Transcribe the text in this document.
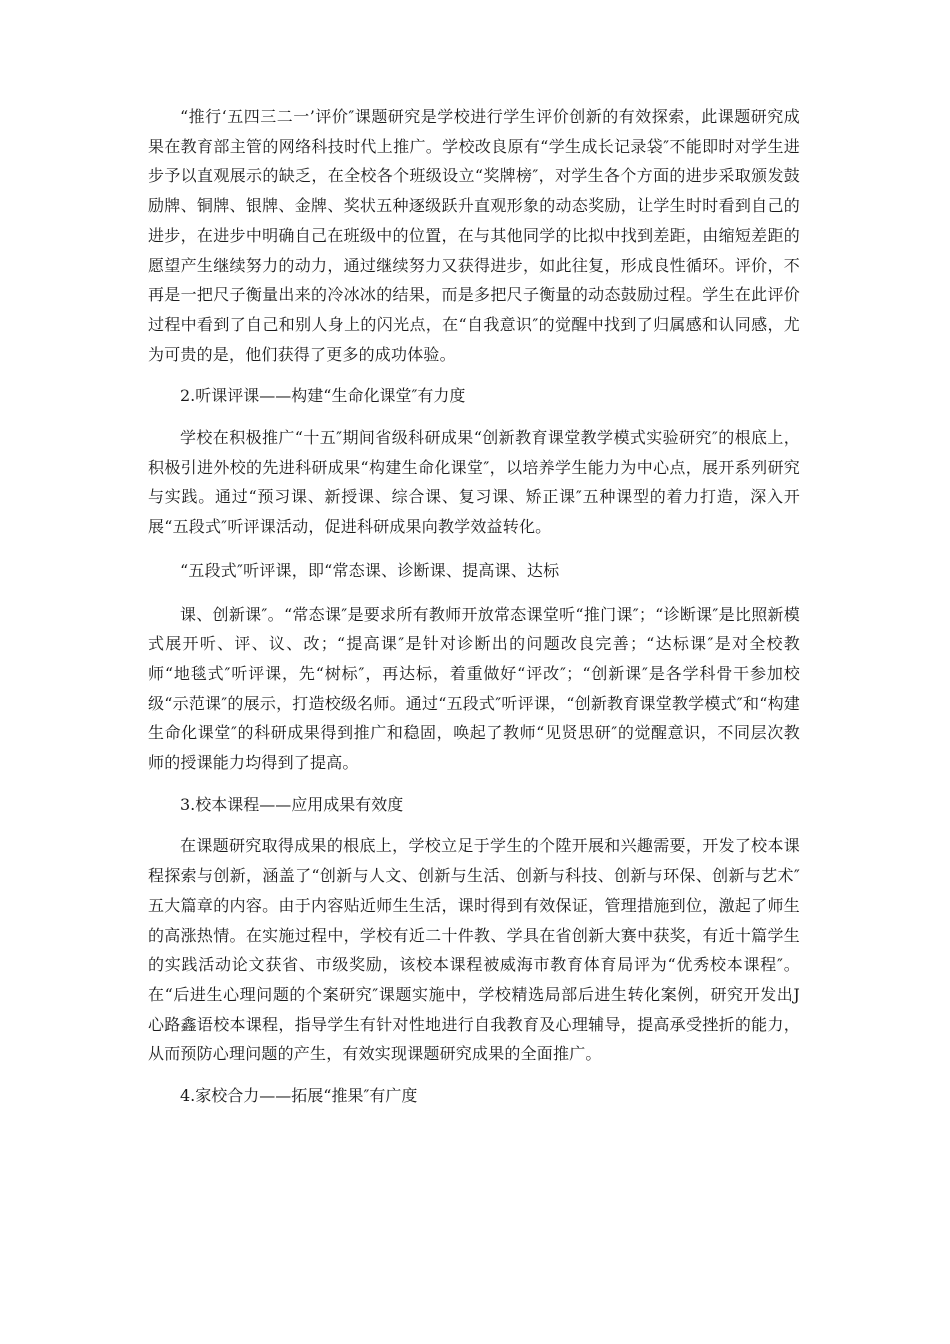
“推行‘五四三二一’评价″课题研究是学校进行学生评价创新的有效探索，此课题研究成果在教育部主管的网络科技时代上推广。学校改良原有“学生成长记录袋″不能即时对学生进步予以直观展示的缺乏，在全校各个班级设立“奖牌榜″，对学生各个方面的进步采取颁发鼓励牌、铜牌、银牌、金牌、奖状五种逐级跃升直观形象的动态奖励，让学生时时看到自己的进步，在进步中明确自己在班级中的位置，在与其他同学的比拟中找到差距，由缩短差距的愿望产生继续努力的动力，通过继续努力又获得进步，如此往复，形成良性循环。评价，不再是一把尺子衡量出来的冷冰冰的结果，而是多把尺子衡量的动态鼓励过程。学生在此评价过程中看到了自己和别人身上的闪光点，在“自我意识″的觉醒中找到了归属感和认同感，尤为可贵的是，他们获得了更多的成功体验。

2.听课评课——构建“生命化课堂″有力度

学校在积极推广“十五″期间省级科研成果“创新教育课堂教学模式实验研究″的根底上，积极引进外校的先进科研成果“构建生命化课堂″，以培养学生能力为中心点，展开系列研究与实践。通过“预习课、新授课、综合课、复习课、矫正课″五种课型的着力打造，深入开展“五段式″听评课活动，促进科研成果向教学效益转化。

“五段式″听评课，即“常态课、诊断课、提高课、达标

课、创新课″。“常态课″是要求所有教师开放常态课堂听“推门课″；“诊断课″是比照新模式展开听、评、议、改；“提高课″是针对诊断出的问题改良完善；“达标课″是对全校教师“地毯式″听评课，先“树标″，再达标，着重做好“评改″；“创新课″是各学科骨干参加校级“示范课″的展示，打造校级名师。通过“五段式″听评课，“创新教育课堂教学模式″和“构建生命化课堂″的科研成果得到推广和稳固，唤起了教师“见贤思研″的觉醒意识，不同层次教师的授课能力均得到了提高。

3.校本课程——应用成果有效度

在课题研究取得成果的根底上，学校立足于学生的个陞开展和兴趣需要，开发了校本课程探索与创新，涵盖了“创新与人文、创新与生活、创新与科技、创新与环保、创新与艺术″五大篇章的内容。由于内容贴近师生生活，课时得到有效保证，管理措施到位，激起了师生的高涨热情。在实施过程中，学校有近二十件教、学具在省创新大赛中获奖，有近十篇学生的实践活动论文获省、市级奖励，该校本课程被威海市教育体育局评为“优秀校本课程″。在“后进生心理问题的个案研究″课题实施中，学校精选局部后进生转化案例，研究开发出J心路鑫语校本课程，指导学生有针对性地进行自我教育及心理辅导，提高承受挫折的能力，从而预防心理问题的产生，有效实现课题研究成果的全面推广。

4.家校合力——拓展“推果″有广度
